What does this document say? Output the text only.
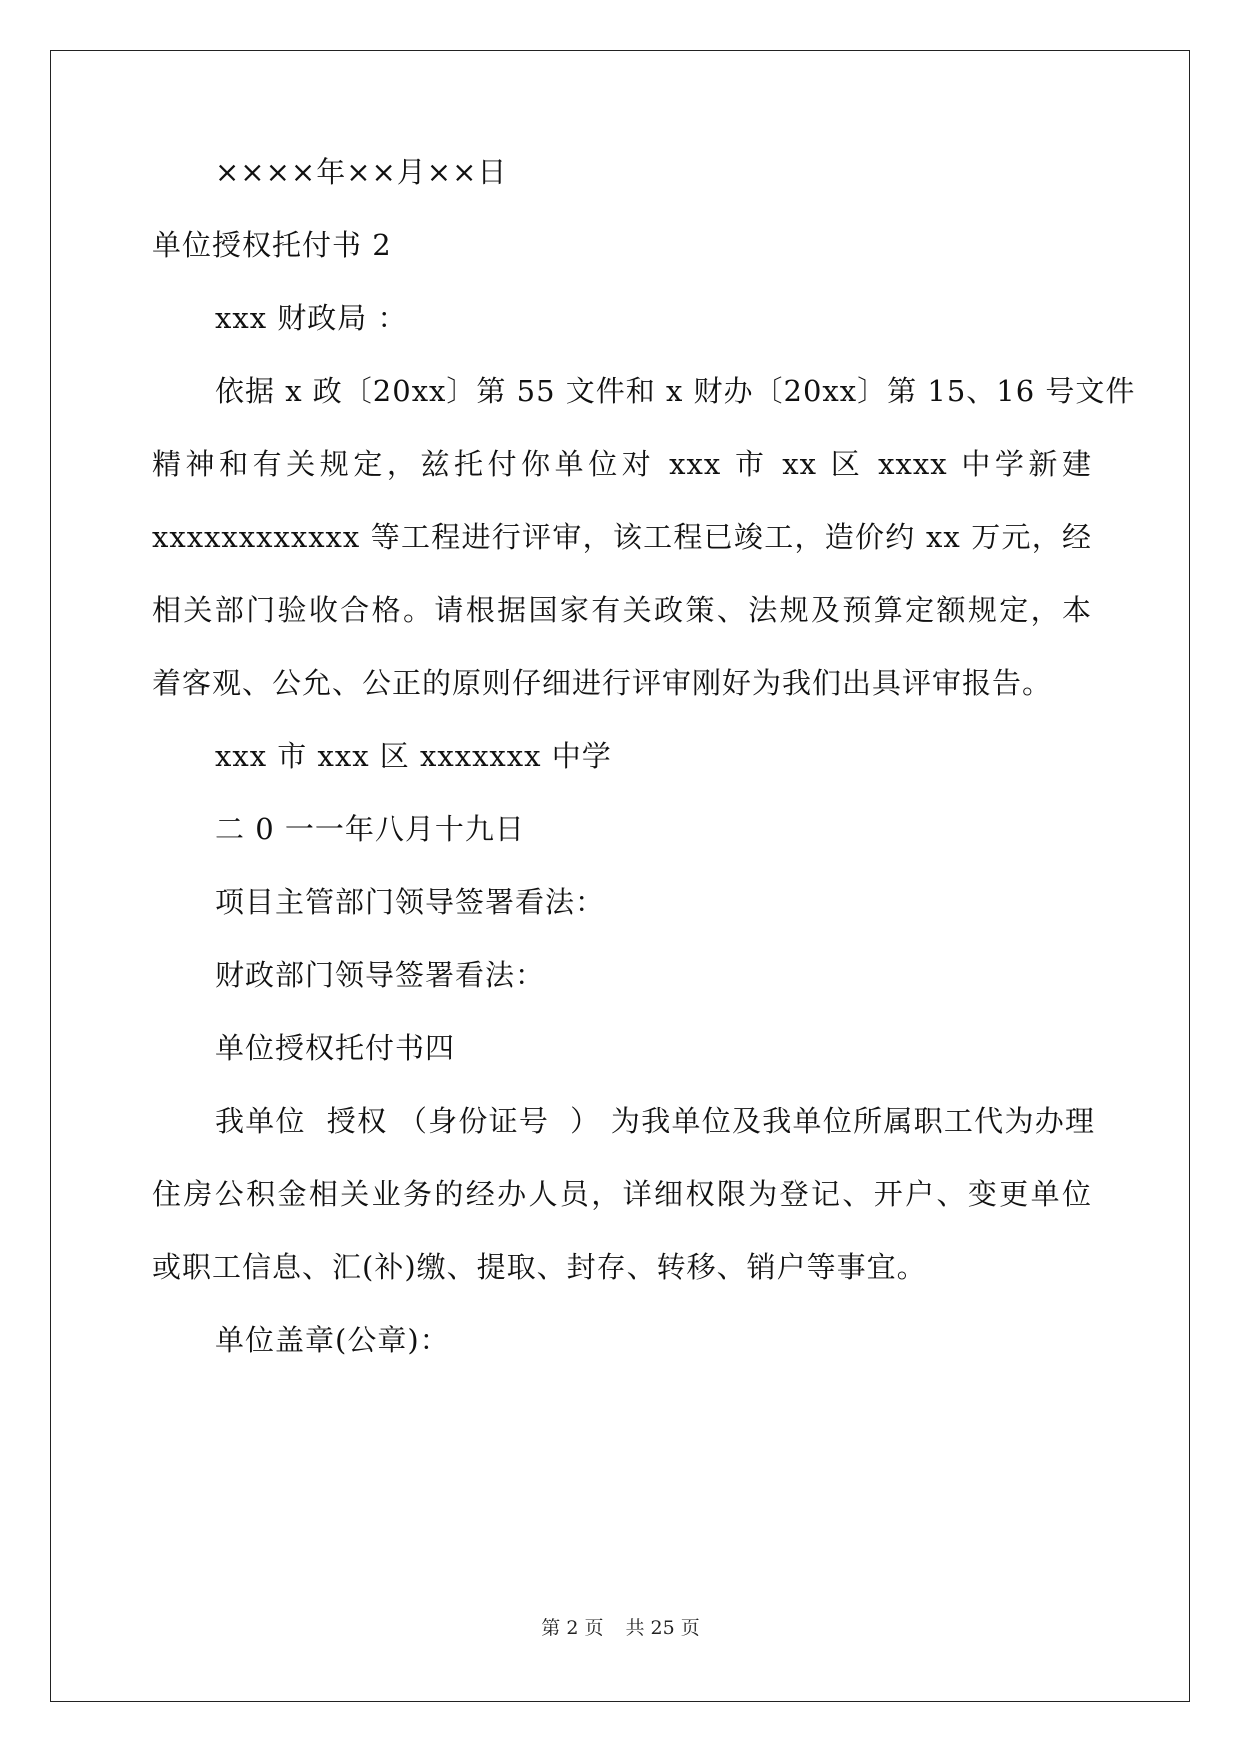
××××年××月××日
单位授权托付书 2
xxx 财政局 ：
依据 x 政〔20xx〕第 55 文件和 x 财办〔20xx〕第 15、16 号文件
精神和有关规定，兹托付你单位对 xxx 市 xx 区 xxxx 中学新建
xxxxxxxxxxxx 等工程进行评审，该工程已竣工，造价约 xx 万元，经
相关部门验收合格。请根据国家有关政策、法规及预算定额规定，本
着客观、公允、公正的原则仔细进行评审刚好为我们出具评审报告。
xxx 市 xxx 区 xxxxxxx 中学
二 0 一一年八月十九日
项目主管部门领导签署看法：
财政部门领导签署看法：
单位授权托付书四
我单位  授权 （身份证号  ） 为我单位及我单位所属职工代为办理
住房公积金相关业务的经办人员，详细权限为登记、开户、变更单位
或职工信息、汇(补)缴、提取、封存、转移、销户等事宜。
单位盖章(公章)：
第 2 页 共 25 页
